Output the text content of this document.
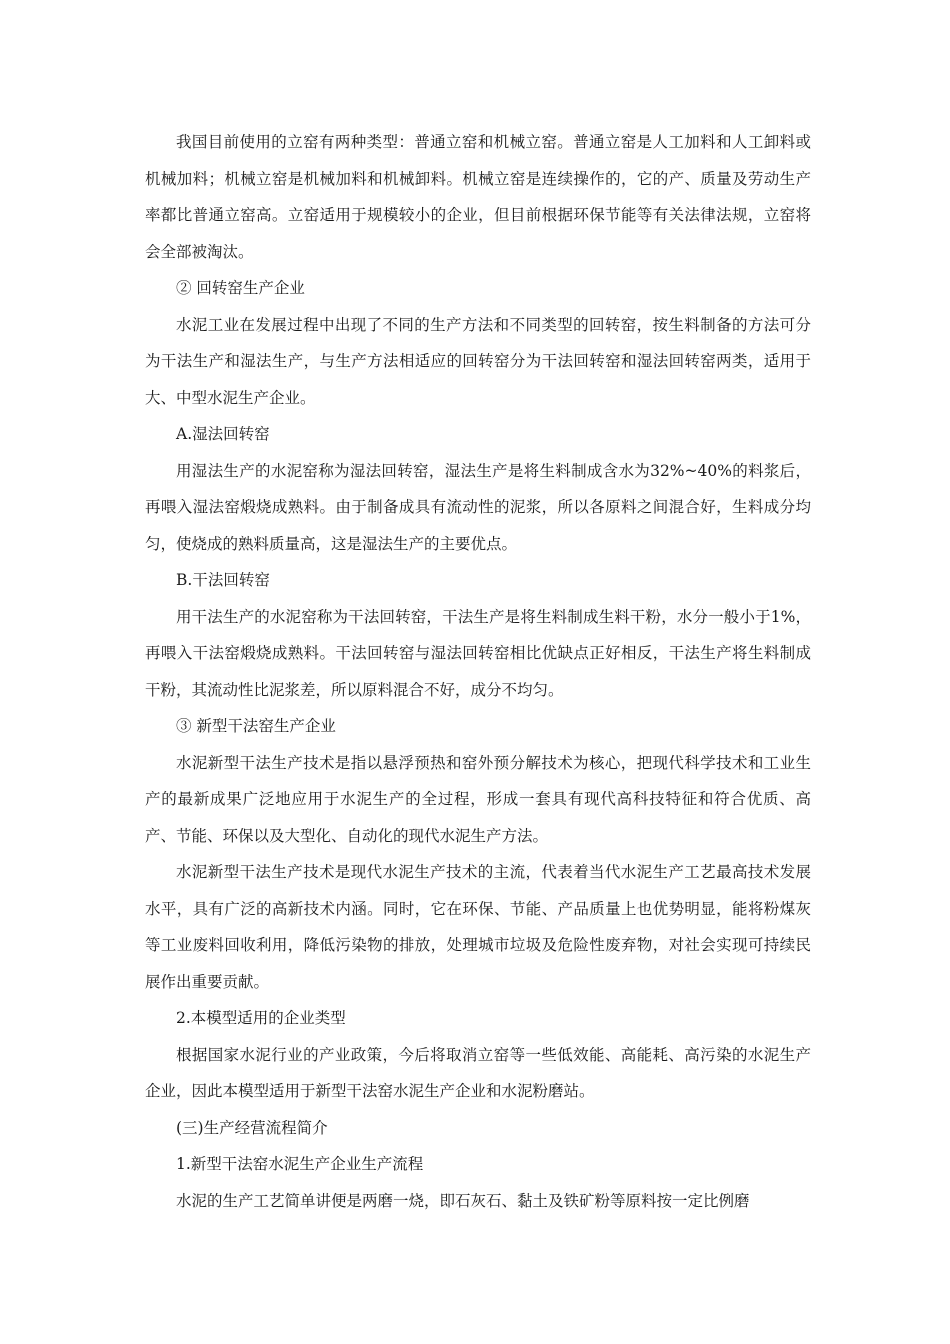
我国目前使用的立窑有两种类型：普通立窑和机械立窑。普通立窑是人工加料和人工卸料或机械加料；机械立窑是机械加料和机械卸料。机械立窑是连续操作的，它的产、质量及劳动生产率都比普通立窑高。立窑适用于规模较小的企业，但目前根据环保节能等有关法律法规，立窑将会全部被淘汰。

② 回转窑生产企业

水泥工业在发展过程中出现了不同的生产方法和不同类型的回转窑，按生料制备的方法可分为干法生产和湿法生产，与生产方法相适应的回转窑分为干法回转窑和湿法回转窑两类，适用于大、中型水泥生产企业。

A.湿法回转窑

用湿法生产的水泥窑称为湿法回转窑，湿法生产是将生料制成含水为32%~40%的料浆后，再喂入湿法窑煅烧成熟料。由于制备成具有流动性的泥浆，所以各原料之间混合好，生料成分均匀，使烧成的熟料质量高，这是湿法生产的主要优点。

B.干法回转窑

用干法生产的水泥窑称为干法回转窑，干法生产是将生料制成生料干粉，水分一般小于1%，再喂入干法窑煅烧成熟料。干法回转窑与湿法回转窑相比优缺点正好相反，干法生产将生料制成干粉，其流动性比泥浆差，所以原料混合不好，成分不均匀。

③ 新型干法窑生产企业

水泥新型干法生产技术是指以悬浮预热和窑外预分解技术为核心，把现代科学技术和工业生产的最新成果广泛地应用于水泥生产的全过程，形成一套具有现代高科技特征和符合优质、高产、节能、环保以及大型化、自动化的现代水泥生产方法。

水泥新型干法生产技术是现代水泥生产技术的主流，代表着当代水泥生产工艺最高技术发展水平，具有广泛的高新技术内涵。同时，它在环保、节能、产品质量上也优势明显，能将粉煤灰等工业废料回收利用，降低污染物的排放，处理城市垃圾及危险性废弃物，对社会实现可持续民展作出重要贡献。

2.本模型适用的企业类型

根据国家水泥行业的产业政策，今后将取消立窑等一些低效能、高能耗、高污染的水泥生产企业，因此本模型适用于新型干法窑水泥生产企业和水泥粉磨站。

(三)生产经营流程简介

1.新型干法窑水泥生产企业生产流程

水泥的生产工艺简单讲便是两磨一烧，即石灰石、黏土及铁矿粉等原料按一定比例磨
